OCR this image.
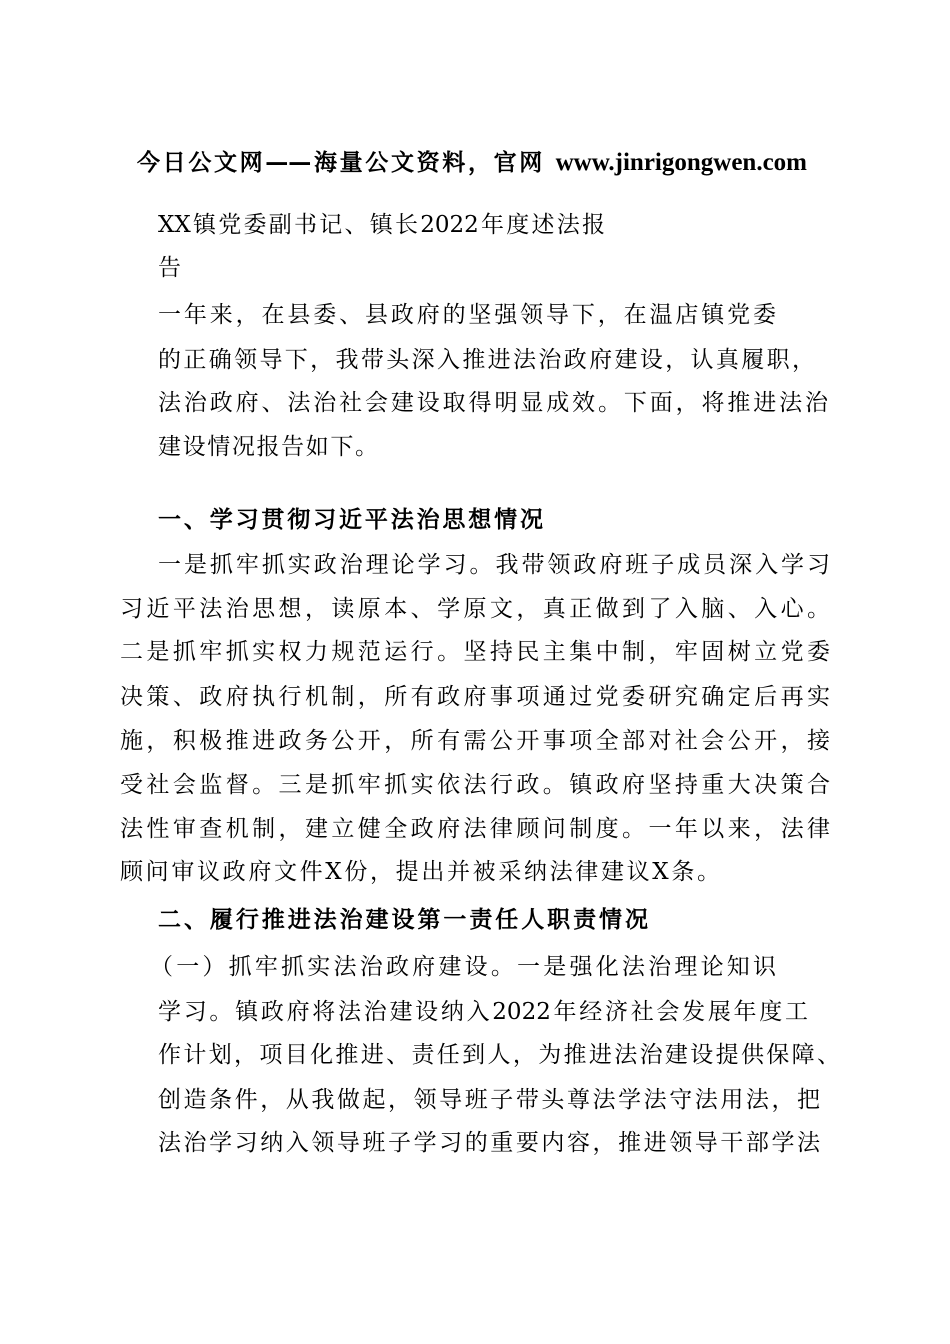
今日公文网——海量公文资料，官网 www.jinrigongwen.com
XX镇党委副书记、镇长2022年度述法报
告
一年来，在县委、县政府的坚强领导下，在温店镇党委
的正确领导下，我带头深入推进法治政府建设，认真履职，
法治政府、法治社会建设取得明显成效。下面，将推进法治
建设情况报告如下。
一、学习贯彻习近平法治思想情况
一是抓牢抓实政治理论学习。我带领政府班子成员深入学习
习近平法治思想，读原本、学原文，真正做到了入脑、入心。
二是抓牢抓实权力规范运行。坚持民主集中制，牢固树立党委
决策、政府执行机制，所有政府事项通过党委研究确定后再实
施，积极推进政务公开，所有需公开事项全部对社会公开，接
受社会监督。三是抓牢抓实依法行政。镇政府坚持重大决策合
法性审查机制，建立健全政府法律顾问制度。一年以来，法律
顾问审议政府文件X份，提出并被采纳法律建议X条。
二、履行推进法治建设第一责任人职责情况
（一）抓牢抓实法治政府建设。一是强化法治理论知识
学习。镇政府将法治建设纳入2022年经济社会发展年度工
作计划，项目化推进、责任到人，为推进法治建设提供保障、
创造条件，从我做起，领导班子带头尊法学法守法用法，把
法治学习纳入领导班子学习的重要内容，推进领导干部学法
